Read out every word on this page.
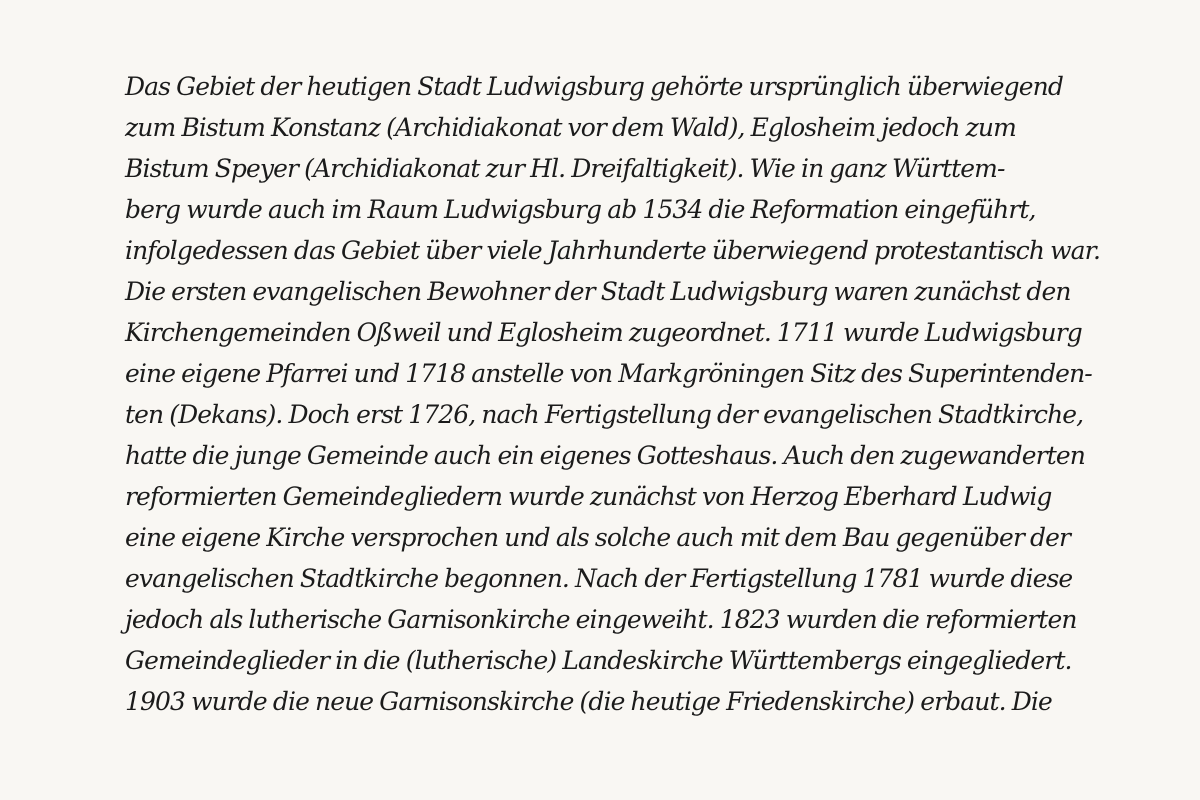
Das Gebiet der heutigen Stadt Ludwigsburg gehörte ursprünglich überwiegend
zum Bistum Konstanz (Archidiakonat vor dem Wald), Eglosheim jedoch zum
Bistum Speyer (Archidiakonat zur Hl. Dreifaltigkeit). Wie in ganz Württem-
berg wurde auch im Raum Ludwigsburg ab 1534 die Reformation eingeführt,
infolgedessen das Gebiet über viele Jahrhunderte überwiegend protestantisch war.
Die ersten evangelischen Bewohner der Stadt Ludwigsburg waren zunächst den
Kirchengemeinden Oßweil und Eglosheim zugeordnet. 1711 wurde Ludwigsburg
eine eigene Pfarrei und 1718 anstelle von Markgröningen Sitz des Superintenden-
ten (Dekans). Doch erst 1726, nach Fertigstellung der evangelischen Stadtkirche,
hatte die junge Gemeinde auch ein eigenes Gotteshaus. Auch den zugewanderten
reformierten Gemeindegliedern wurde zunächst von Herzog Eberhard Ludwig
eine eigene Kirche versprochen und als solche auch mit dem Bau gegenüber der
evangelischen Stadtkirche begonnen. Nach der Fertigstellung 1781 wurde diese
jedoch als lutherische Garnisonkirche eingeweiht. 1823 wurden die reformierten
Gemeindeglieder in die (lutherische) Landeskirche Württembergs eingegliedert.
1903 wurde die neue Garnisonskirche (die heutige Friedenskirche) erbaut. Die
